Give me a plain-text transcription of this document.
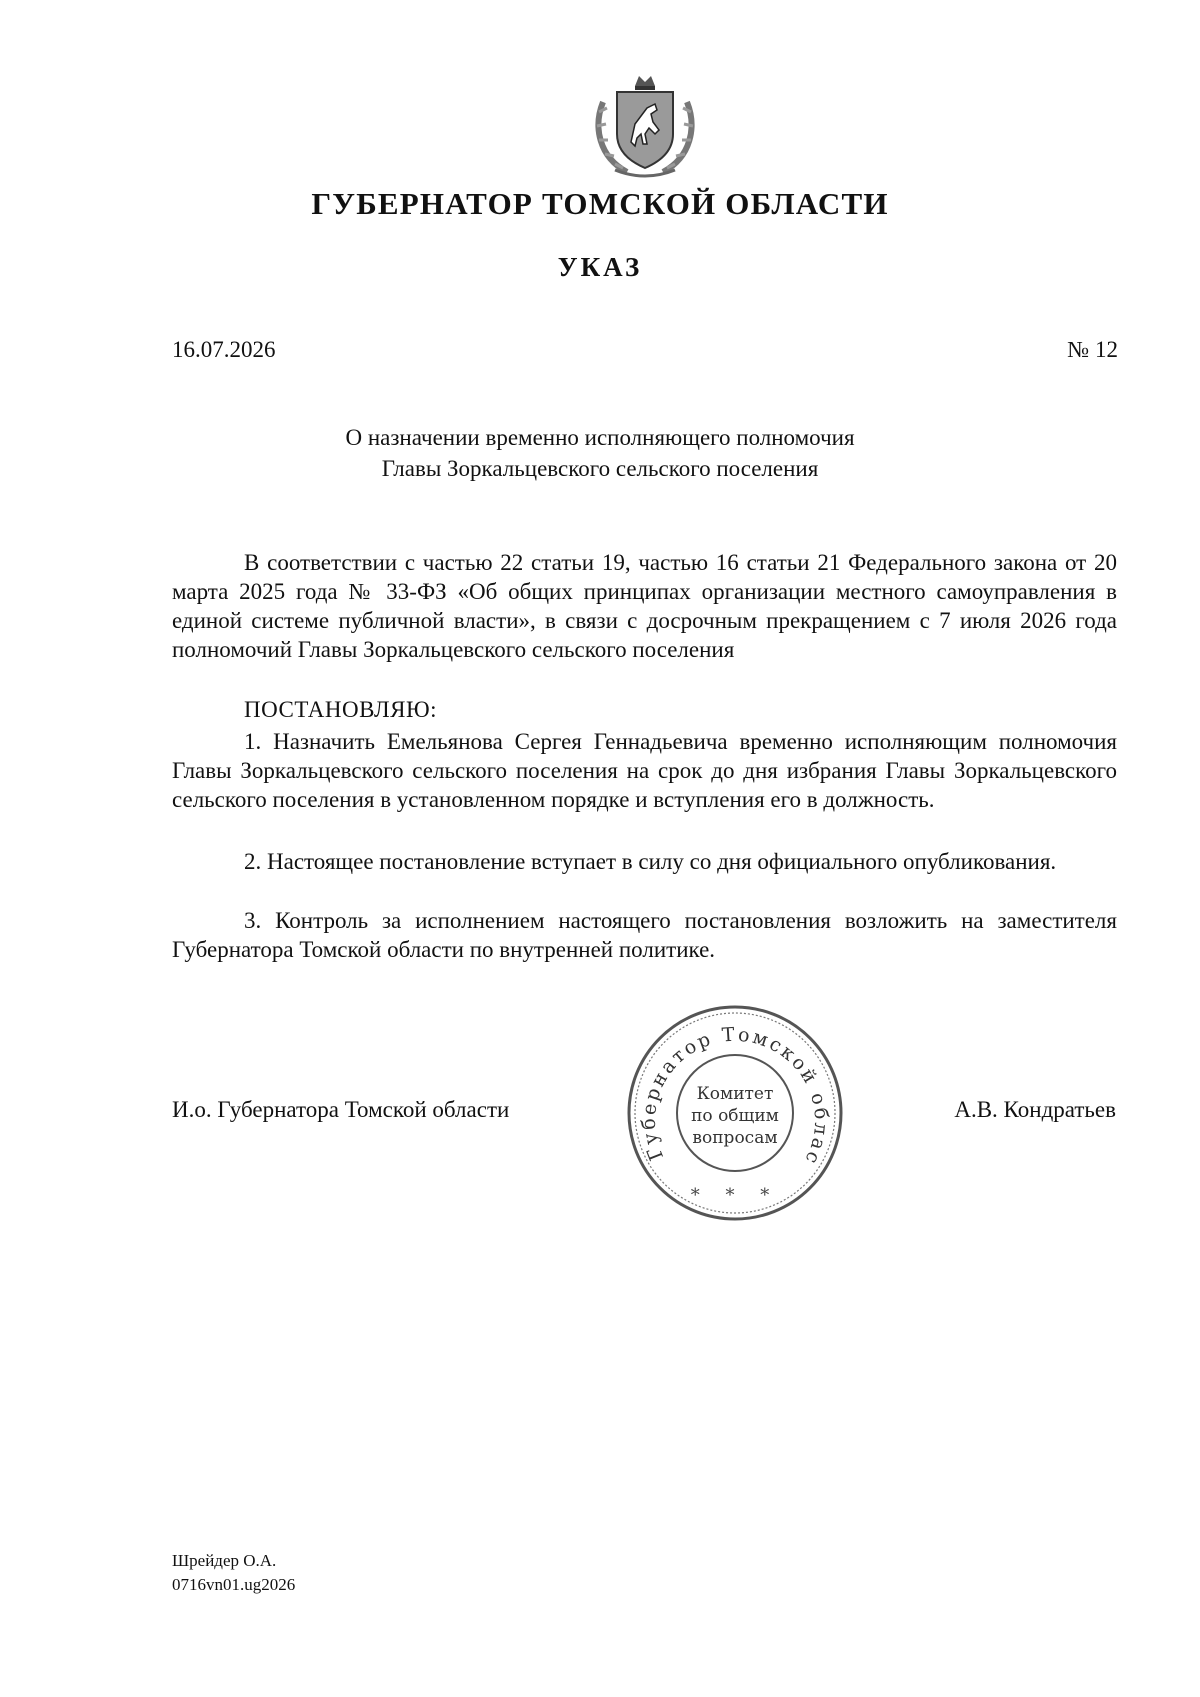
ГУБЕРНАТОР ТОМСКОЙ ОБЛАСТИ
УКАЗ
16.07.2026	№ 12
О назначении временно исполняющего полномочия
Главы Зоркальцевского сельского поселения
В соответствии с частью 22 статьи 19, частью 16 статьи 21 Федерального закона от 20 марта 2025 года № 33-ФЗ «Об общих принципах организации местного самоуправления в единой системе публичной власти», в связи с досрочным прекращением с 7 июля 2026 года полномочий Главы Зоркальцевского сельского поселения
ПОСТАНОВЛЯЮ:
1. Назначить Емельянова Сергея Геннадьевича временно исполняющим полномочия Главы Зоркальцевского сельского поселения на срок до дня избрания Главы Зоркальцевского сельского поселения в установленном порядке и вступления его в должность.
2. Настоящее постановление вступает в силу со дня официального опубликования.
3. Контроль за исполнением настоящего постановления возложить на заместителя Губернатора Томской области по внутренней политике.
И.о. Губернатора Томской области	А.В. Кондратьев
Губернатор Томской облас
Комитет
по общим
вопросам
* * *
Шрейдер О.А.
0716vn01.ug2026
